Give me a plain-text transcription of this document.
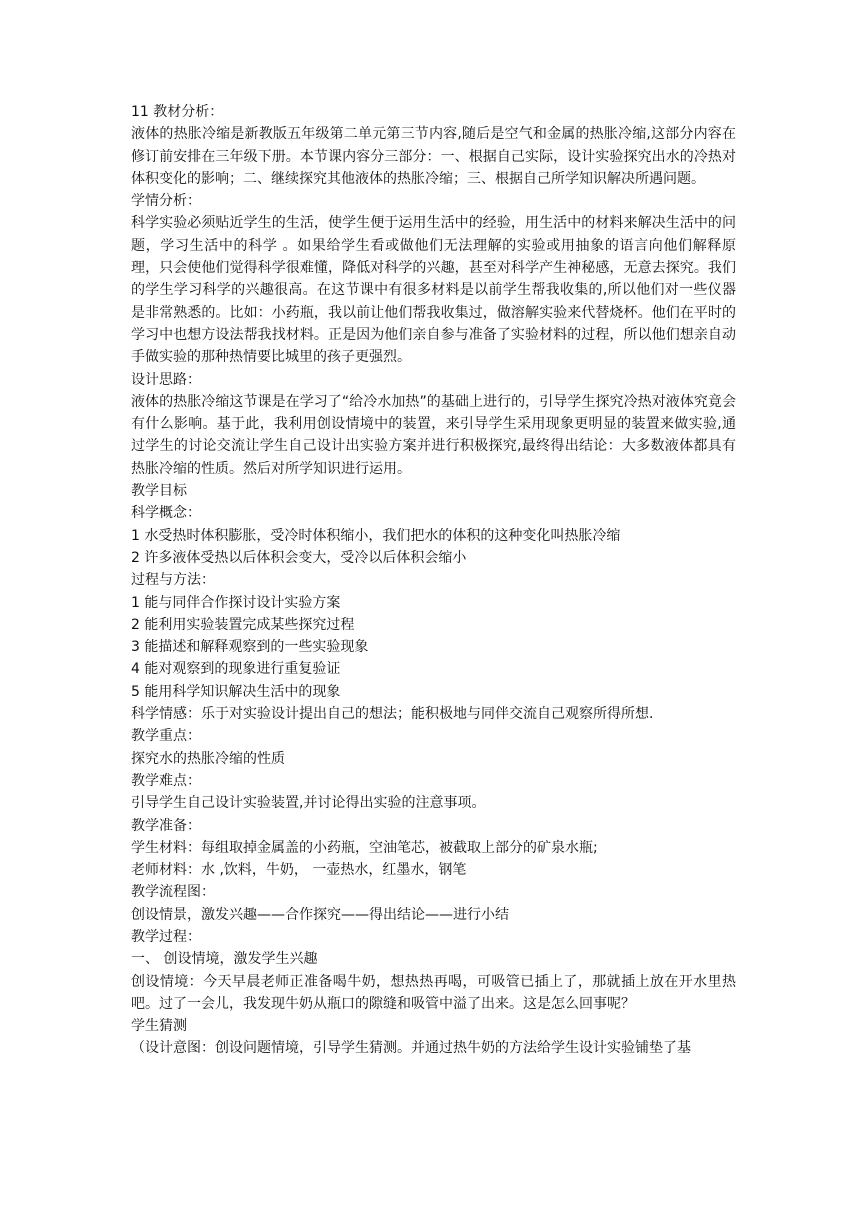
11 教材分析：

液体的热胀冷缩是新教版五年级第二单元第三节内容,随后是空气和金属的热胀冷缩,这部分内容在修订前安排在三年级下册。本节课内容分三部分：一、根据自己实际，设计实验探究出水的冷热对体积变化的影响；二、继续探究其他液体的热胀冷缩；三、根据自己所学知识解决所遇问题。

学情分析：

科学实验必须贴近学生的生活，使学生便于运用生活中的经验，用生活中的材料来解决生活中的问题，学习生活中的科学 。如果给学生看或做他们无法理解的实验或用抽象的语言向他们解释原理，只会使他们觉得科学很难懂，降低对科学的兴趣，甚至对科学产生神秘感，无意去探究。我们的学生学习科学的兴趣很高。在这节课中有很多材料是以前学生帮我收集的,所以他们对一些仪器是非常熟悉的。比如：小药瓶，我以前让他们帮我收集过，做溶解实验来代替烧杯。他们在平时的学习中也想方设法帮我找材料。正是因为他们亲自参与准备了实验材料的过程，所以他们想亲自动手做实验的那种热情要比城里的孩子更强烈。

设计思路：

液体的热胀冷缩这节课是在学习了“给冷水加热”的基础上进行的，引导学生探究冷热对液体究竟会有什么影响。基于此，我利用创设情境中的装置，来引导学生采用现象更明显的装置来做实验,通过学生的讨论交流让学生自己设计出实验方案并进行积极探究,最终得出结论：大多数液体都具有热胀冷缩的性质。然后对所学知识进行运用。

教学目标

科学概念：

1 水受热时体积膨胀，受冷时体积缩小，我们把水的体积的这种变化叫热胀冷缩

2 许多液体受热以后体积会变大，受冷以后体积会缩小

过程与方法：

1 能与同伴合作探讨设计实验方案

2 能利用实验装置完成某些探究过程

3 能描述和解释观察到的一些实验现象

4 能对观察到的现象进行重复验证

5 能用科学知识解决生活中的现象

科学情感：乐于对实验设计提出自己的想法；能积极地与同伴交流自己观察所得所想.

教学重点：

探究水的热胀冷缩的性质

教学难点：

引导学生自己设计实验装置,并讨论得出实验的注意事项。

教学准备：

学生材料：每组取掉金属盖的小药瓶，空油笔芯，被截取上部分的矿泉水瓶;

老师材料：水 ,饮料，牛奶， 一壶热水，红墨水，钢笔

教学流程图：

创设情景，激发兴趣——合作探究——得出结论——进行小结

教学过程：

一、 创设情境，激发学生兴趣

创设情境：今天早晨老师正准备喝牛奶，想热热再喝，可吸管已插上了，那就插上放在开水里热吧。过了一会儿，我发现牛奶从瓶口的隙缝和吸管中溢了出来。这是怎么回事呢？

学生猜测

（设计意图：创设问题情境，引导学生猜测。并通过热牛奶的方法给学生设计实验铺垫了基
